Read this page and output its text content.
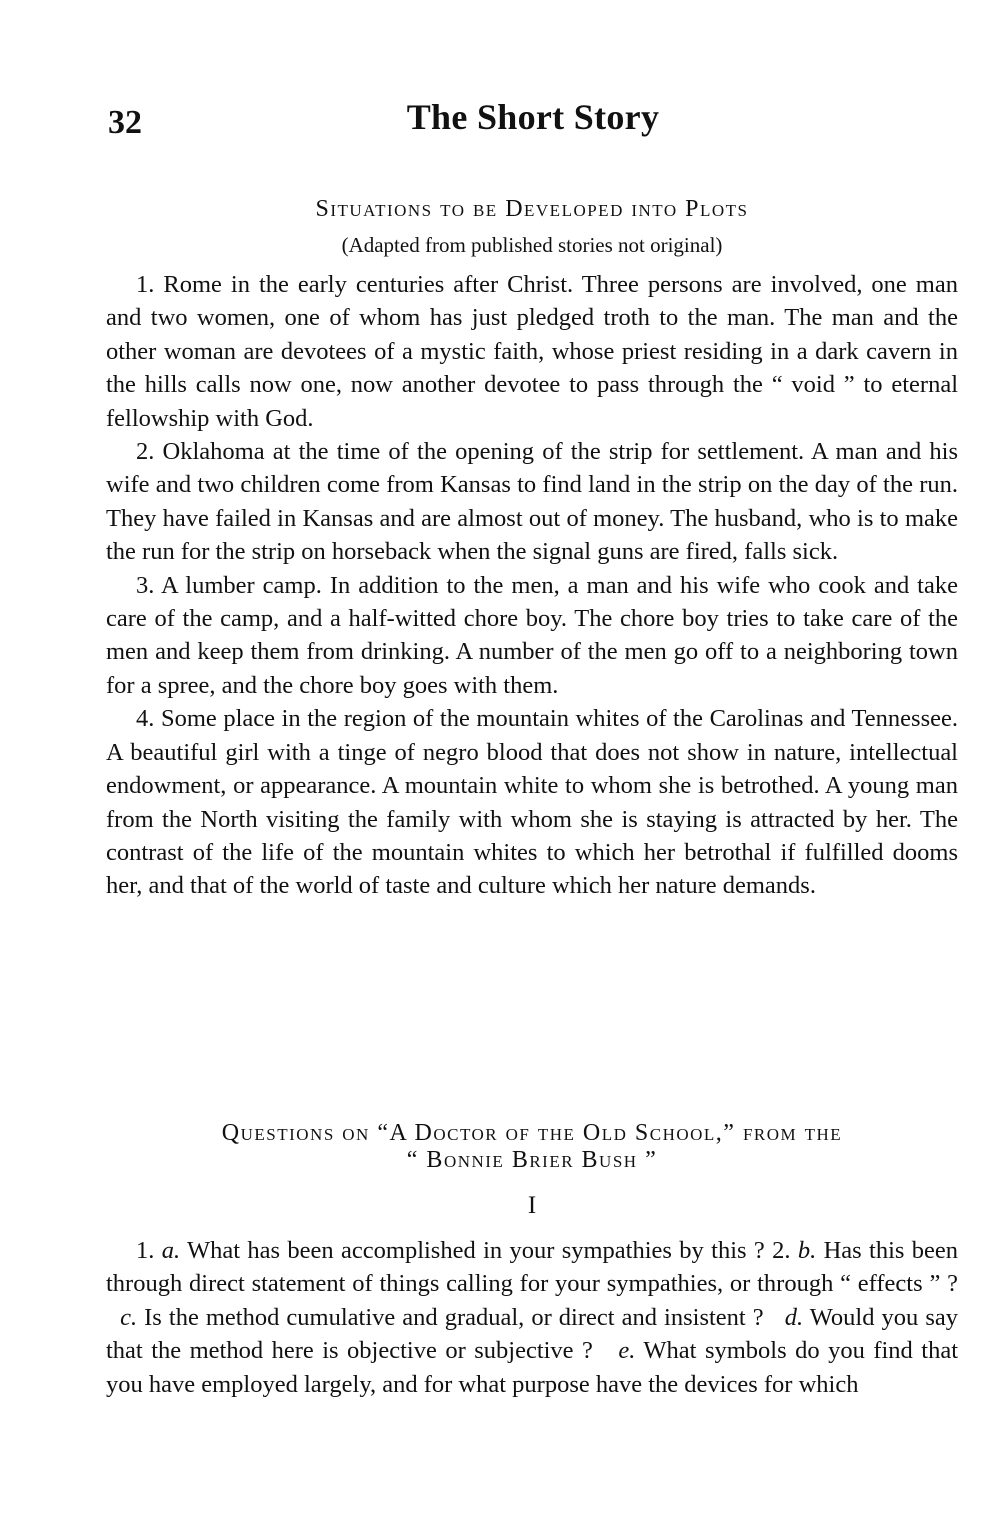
32	The Short Story
Situations to be Developed into Plots
(Adapted from published stories not original)

1. Rome in the early centuries after Christ. Three persons are involved, one man and two women, one of whom has just pledged troth to the man. The man and the other woman are devotees of a mystic faith, whose priest residing in a dark cavern in the hills calls now one, now another devotee to pass through the “ void ” to eternal fellowship with God.

2. Oklahoma at the time of the opening of the strip for settlement. A man and his wife and two children come from Kansas to find land in the strip on the day of the run. They have failed in Kansas and are almost out of money. The husband, who is to make the run for the strip on horseback when the signal guns are fired, falls sick.

3. A lumber camp. In addition to the men, a man and his wife who cook and take care of the camp, and a half-witted chore boy. The chore boy tries to take care of the men and keep them from drinking. A number of the men go off to a neighboring town for a spree, and the chore boy goes with them.

4. Some place in the region of the mountain whites of the Carolinas and Tennessee. A beautiful girl with a tinge of negro blood that does not show in nature, intellectual endowment, or appearance. A mountain white to whom she is betrothed. A young man from the North visiting the family with whom she is staying is attracted by her. The contrast of the life of the mountain whites to which her betrothal if fulfilled dooms her, and that of the world of taste and culture which her nature demands.

Questions on “A Doctor of the Old School,” from the
“ Bonnie Brier Bush ”
I

1. a. What has been accomplished in your sympathies by this ? 2. b. Has this been through direct statement of things calling for your sympathies, or through “ effects ” ?   c. Is the method cumulative and gradual, or direct and insistent ? d. Would you say that the method here is objective or subjective ? e. What symbols do you find that you have employed largely, and for what purpose have the devices for which
